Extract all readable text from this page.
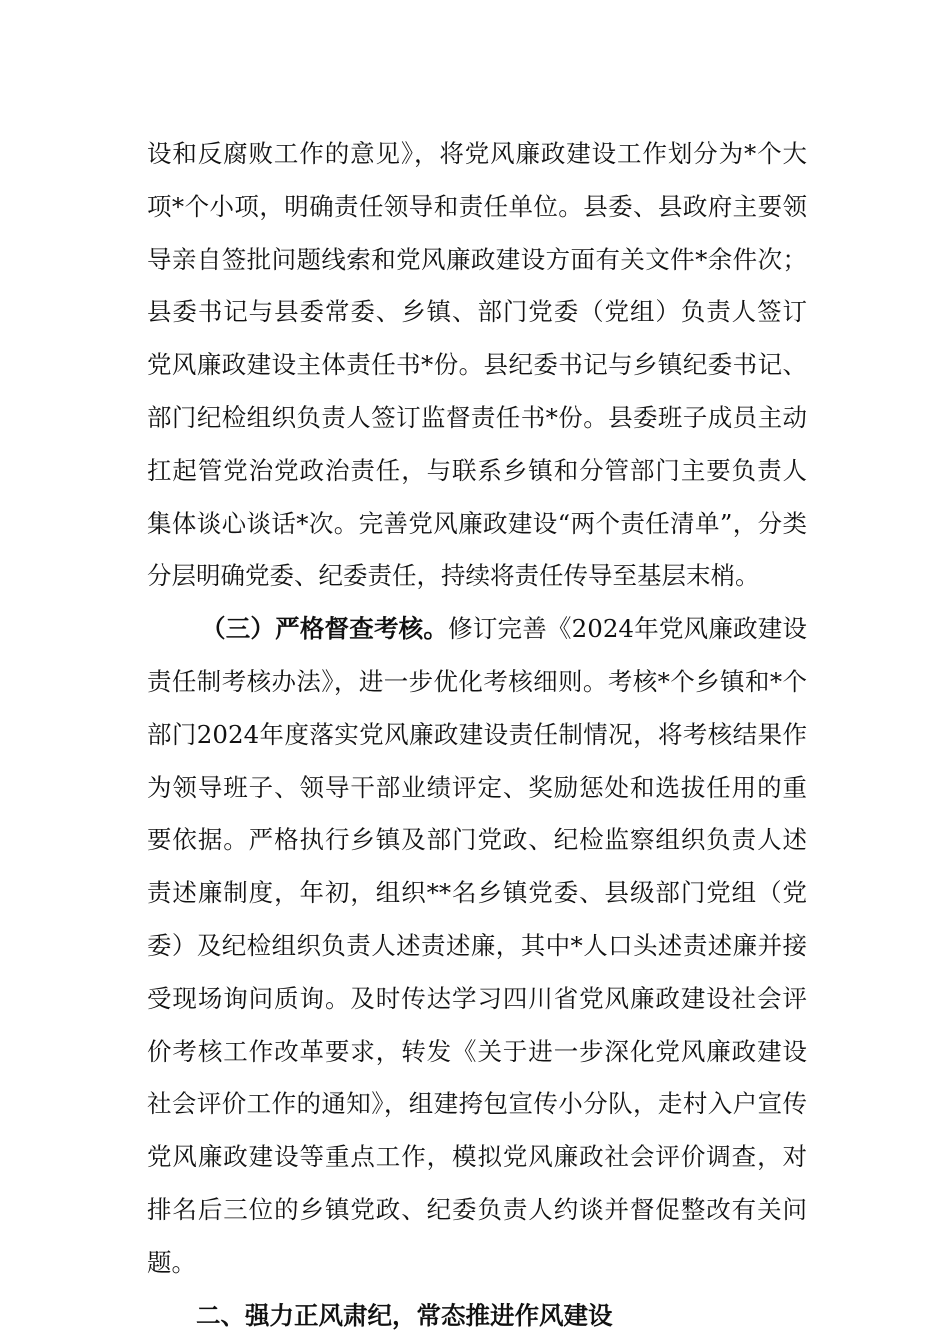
设和反腐败工作的意见》，将党风廉政建设工作划分为*个大项*个小项，明确责任领导和责任单位。县委、县政府主要领导亲自签批问题线索和党风廉政建设方面有关文件*余件次；县委书记与县委常委、乡镇、部门党委（党组）负责人签订党风廉政建设主体责任书*份。县纪委书记与乡镇纪委书记、部门纪检组织负责人签订监督责任书*份。县委班子成员主动扛起管党治党政治责任，与联系乡镇和分管部门主要负责人集体谈心谈话*次。完善党风廉政建设“两个责任清单”，分类分层明确党委、纪委责任，持续将责任传导至基层末梢。

（三）严格督查考核。修订完善《2024年党风廉政建设责任制考核办法》，进一步优化考核细则。考核*个乡镇和*个部门2024年度落实党风廉政建设责任制情况，将考核结果作为领导班子、领导干部业绩评定、奖励惩处和选拔任用的重要依据。严格执行乡镇及部门党政、纪检监察组织负责人述责述廉制度，年初，组织**名乡镇党委、县级部门党组（党委）及纪检组织负责人述责述廉，其中*人口头述责述廉并接受现场询问质询。及时传达学习四川省党风廉政建设社会评价考核工作改革要求，转发《关于进一步深化党风廉政建设社会评价工作的通知》，组建挎包宣传小分队，走村入户宣传党风廉政建设等重点工作，模拟党风廉政社会评价调查，对排名后三位的乡镇党政、纪委负责人约谈并督促整改有关问题。

二、强力正风肃纪，常态推进作风建设
